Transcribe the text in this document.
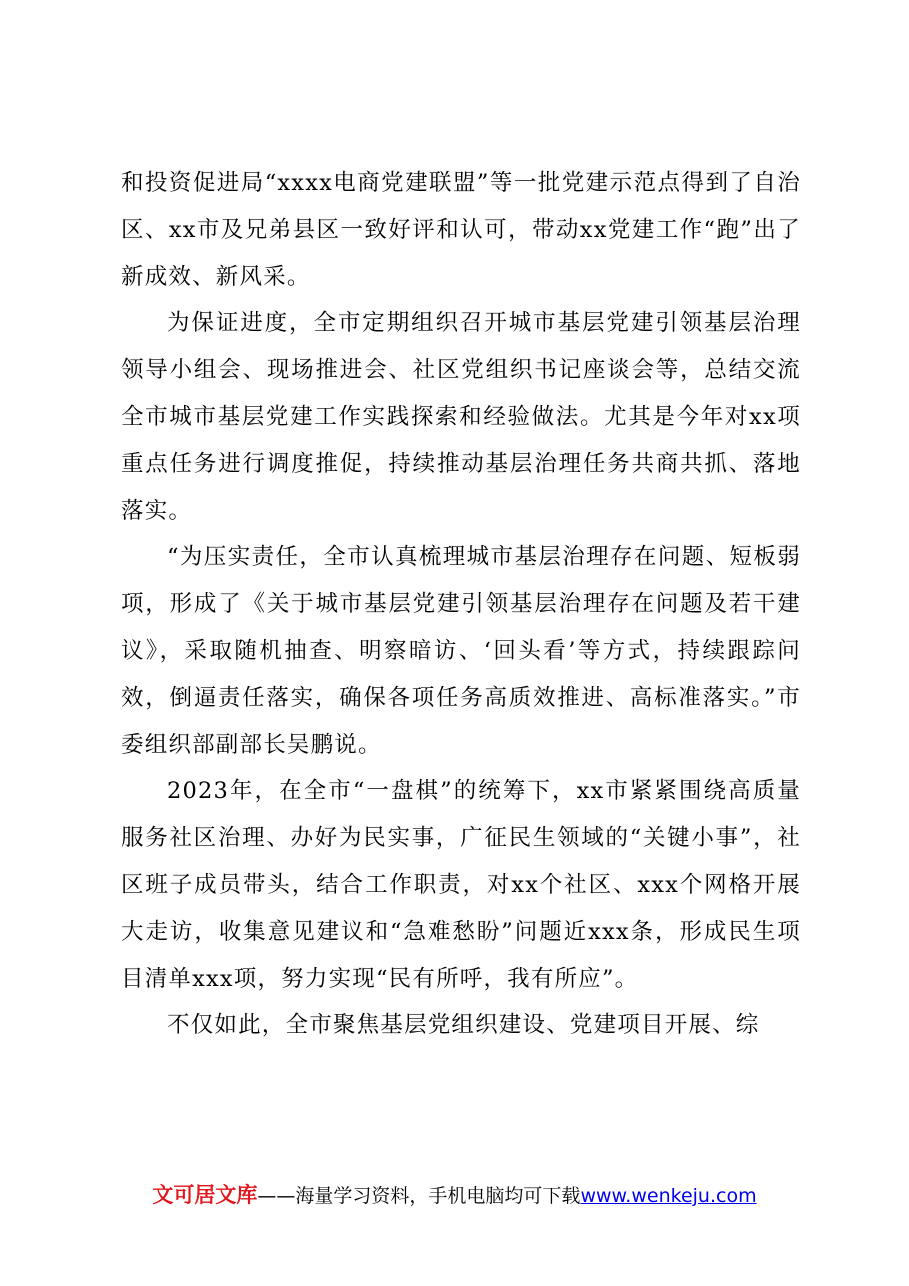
和投资促进局“xxxx电商党建联盟”等一批党建示范点得到了自治区、xx市及兄弟县区一致好评和认可，带动xx党建工作“跑”出了新成效、新风采。

为保证进度，全市定期组织召开城市基层党建引领基层治理领导小组会、现场推进会、社区党组织书记座谈会等，总结交流全市城市基层党建工作实践探索和经验做法。尤其是今年对xx项重点任务进行调度推促，持续推动基层治理任务共商共抓、落地落实。

“为压实责任，全市认真梳理城市基层治理存在问题、短板弱项，形成了《关于城市基层党建引领基层治理存在问题及若干建议》，采取随机抽查、明察暗访、‘回头看’等方式，持续跟踪问效，倒逼责任落实，确保各项任务高质效推进、高标准落实。”市委组织部副部长吴鹏说。

2023年，在全市“一盘棋”的统筹下，xx市紧紧围绕高质量服务社区治理、办好为民实事，广征民生领域的“关键小事”，社区班子成员带头，结合工作职责，对xx个社区、xxx个网格开展大走访，收集意见建议和“急难愁盼”问题近xxx条，形成民生项目清单xxx项，努力实现“民有所呼，我有所应”。

不仅如此，全市聚焦基层党组织建设、党建项目开展、综

文可居文库——海量学习资料，手机电脑均可下载www.wenkeju.com
